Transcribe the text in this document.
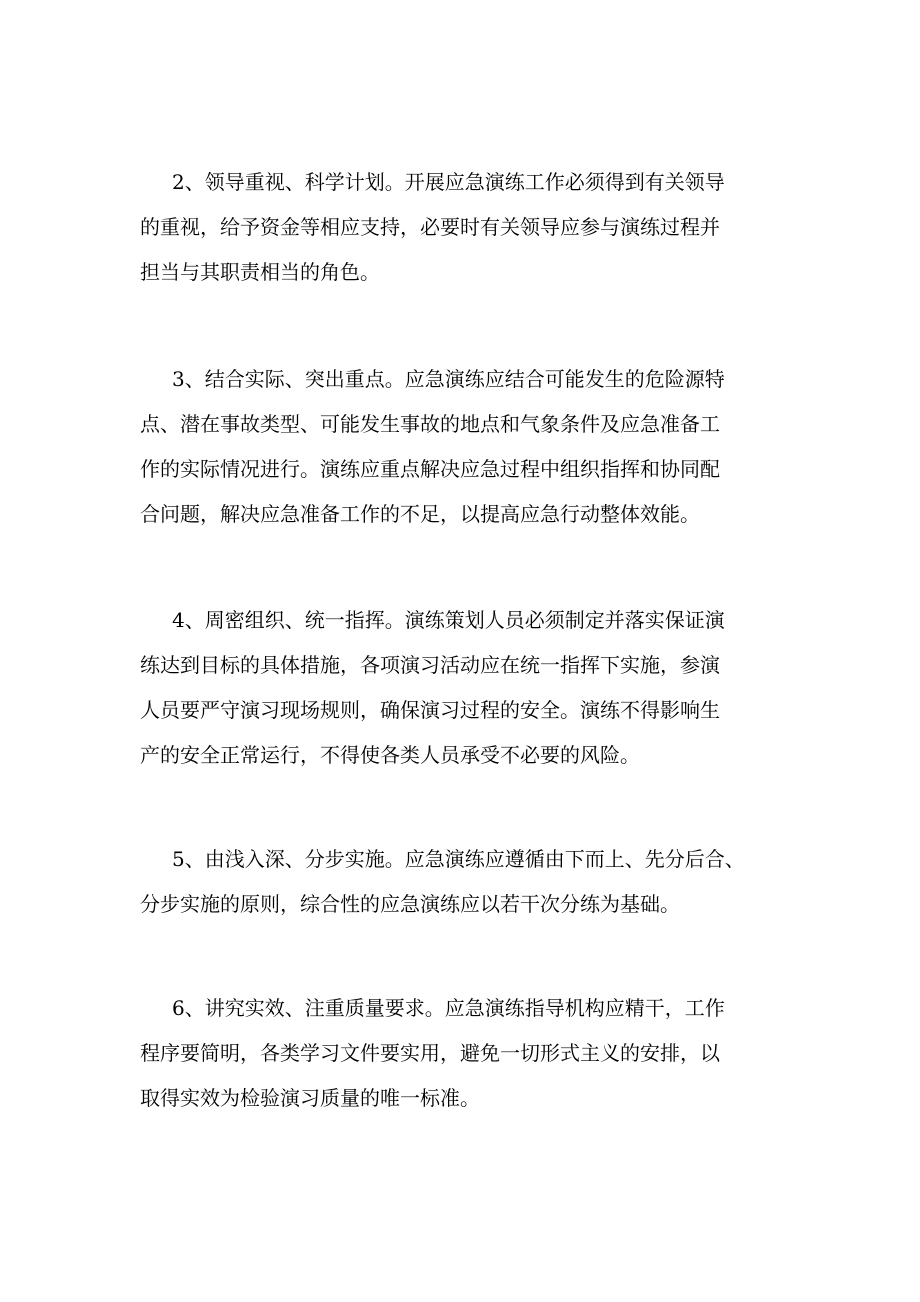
2、领导重视、科学计划。开展应急演练工作必须得到有关领导
的重视，给予资金等相应支持，必要时有关领导应参与演练过程并
担当与其职责相当的角色。

3、结合实际、突出重点。应急演练应结合可能发生的危险源特
点、潜在事故类型、可能发生事故的地点和气象条件及应急准备工
作的实际情况进行。演练应重点解决应急过程中组织指挥和协同配
合问题，解决应急准备工作的不足，以提高应急行动整体效能。

4、周密组织、统一指挥。演练策划人员必须制定并落实保证演
练达到目标的具体措施，各项演习活动应在统一指挥下实施，参演
人员要严守演习现场规则，确保演习过程的安全。演练不得影响生
产的安全正常运行，不得使各类人员承受不必要的风险。

5、由浅入深、分步实施。应急演练应遵循由下而上、先分后合、
分步实施的原则，综合性的应急演练应以若干次分练为基础。

6、讲究实效、注重质量要求。应急演练指导机构应精干，工作
程序要简明，各类学习文件要实用，避免一切形式主义的安排，以
取得实效为检验演习质量的唯一标准。
